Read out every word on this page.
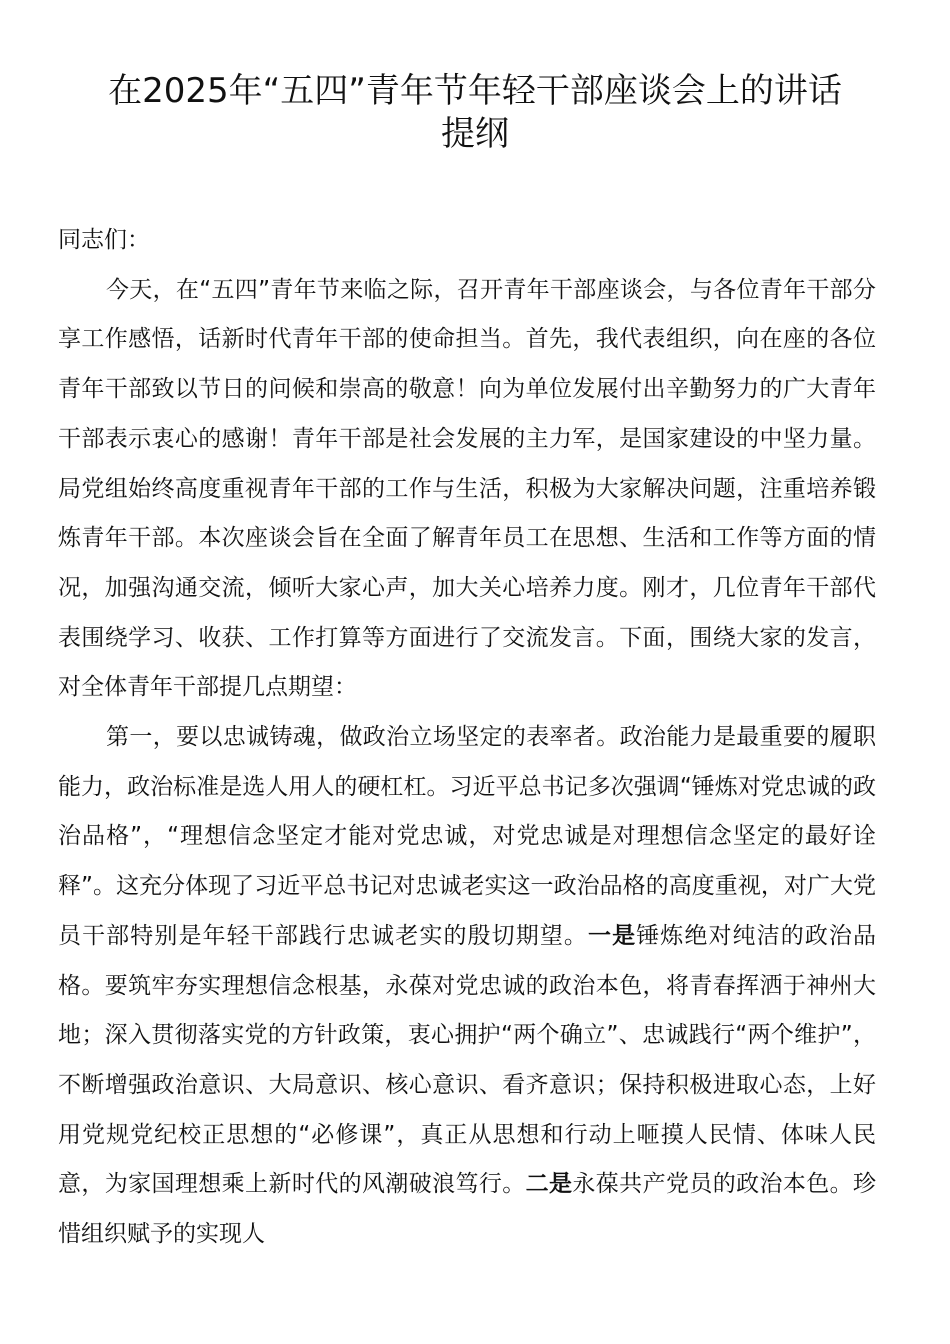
在2025年“五四”青年节年轻干部座谈会上的讲话
提纲

同志们：

今天，在“五四”青年节来临之际，召开青年干部座谈会，与各位青年干部分享工作感悟，话新时代青年干部的使命担当。首先，我代表组织，向在座的各位青年干部致以节日的问候和崇高的敬意！向为单位发展付出辛勤努力的广大青年干部表示衷心的感谢！青年干部是社会发展的主力军，是国家建设的中坚力量。局党组始终高度重视青年干部的工作与生活，积极为大家解决问题，注重培养锻炼青年干部。本次座谈会旨在全面了解青年员工在思想、生活和工作等方面的情况，加强沟通交流，倾听大家心声，加大关心培养力度。刚才，几位青年干部代表围绕学习、收获、工作打算等方面进行了交流发言。下面，围绕大家的发言，对全体青年干部提几点期望：

第一，要以忠诚铸魂，做政治立场坚定的表率者。政治能力是最重要的履职能力，政治标准是选人用人的硬杠杠。习近平总书记多次强调“锤炼对党忠诚的政治品格”，“理想信念坚定才能对党忠诚，对党忠诚是对理想信念坚定的最好诠释”。这充分体现了习近平总书记对忠诚老实这一政治品格的高度重视，对广大党员干部特别是年轻干部践行忠诚老实的殷切期望。一是锤炼绝对纯洁的政治品格。要筑牢夯实理想信念根基，永葆对党忠诚的政治本色，将青春挥洒于神州大地；深入贯彻落实党的方针政策，衷心拥护“两个确立”、忠诚践行“两个维护”，不断增强政治意识、大局意识、核心意识、看齐意识；保持积极进取心态，上好用党规党纪校正思想的“必修课”，真正从思想和行动上咂摸人民情、体味人民意，为家国理想乘上新时代的风潮破浪笃行。二是永葆共产党员的政治本色。珍惜组织赋予的实现人
